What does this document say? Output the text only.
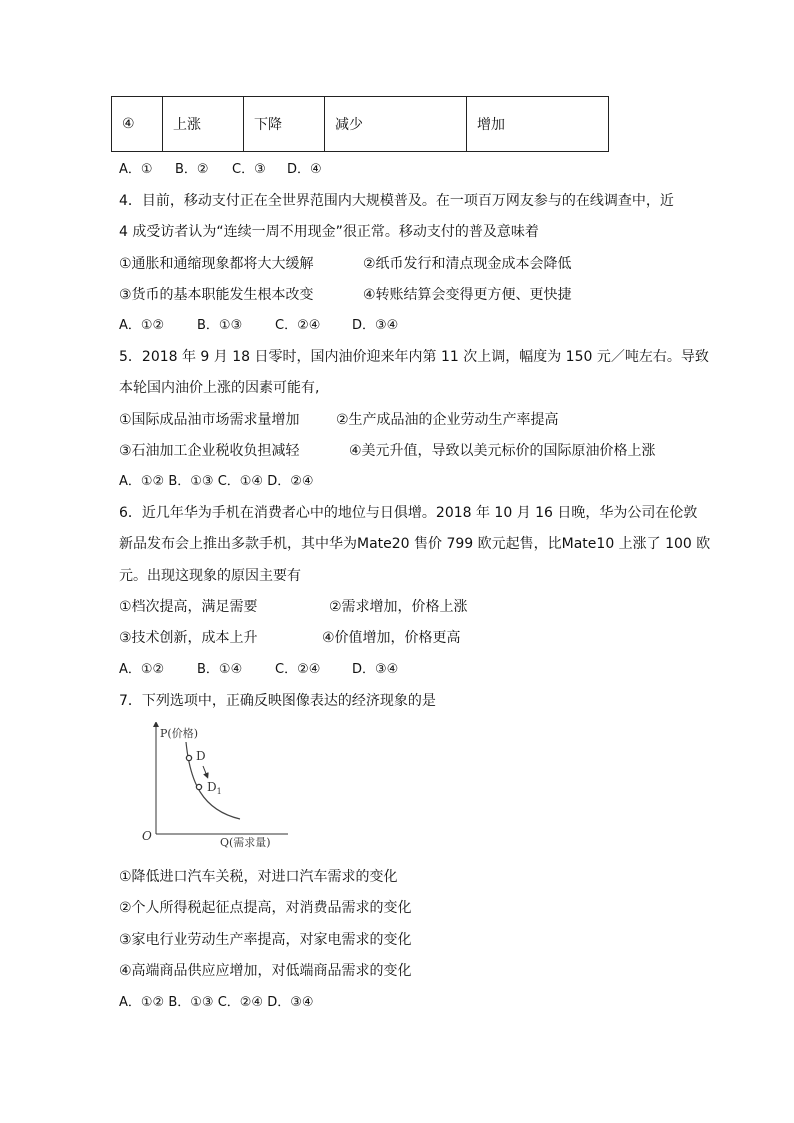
④	上涨	下降	减少	增加
A．① B．② C．③ D．④
4．目前，移动支付正在全世界范围内大规模普及。在一项百万网友参与的在线调查中，近
4 成受访者认为“连续一周不用现金”很正常。移动支付的普及意味着
①通胀和通缩现象都将大大缓解	②纸币发行和清点现金成本会降低
③货币的基本职能发生根本改变	④转账结算会变得更方便、更快捷
A．①②	B．①③	C．②④ D．③④
5．2018 年 9 月 18 日零时，国内油价迎来年内第 11 次上调，幅度为 150 元／吨左右。导致
本轮国内油价上涨的因素可能有,
①国际成品油市场需求量增加	②生产成品油的企业劳动生产率提高
③石油加工企业税收负担减轻	④美元升值，导致以美元标价的国际原油价格上涨
A．①② B．①③ C．①④ D．②④
6．近几年华为手机在消费者心中的地位与日俱增。2018 年 10 月 16 日晚，华为公司在伦敦
新品发布会上推出多款手机，其中华为Mate20 售价 799 欧元起售，比Mate10 上涨了 100 欧
元。出现这现象的原因主要有
①档次提高，满足需要	②需求增加，价格上涨
③技术创新，成本上升	④价值增加，价格更高
A．①②	B．①④	C．②④ D．③④
7．下列选项中，正确反映图像表达的经济现象的是
P(价格)
O	Q(需求量)
D
$D_1$
①降低进口汽车关税，对进口汽车需求的变化
②个人所得税起征点提高，对消费品需求的变化
③家电行业劳动生产率提高，对家电需求的变化
④高端商品供应应增加，对低端商品需求的变化
A．①② B．①③ C．②④ D．③④
